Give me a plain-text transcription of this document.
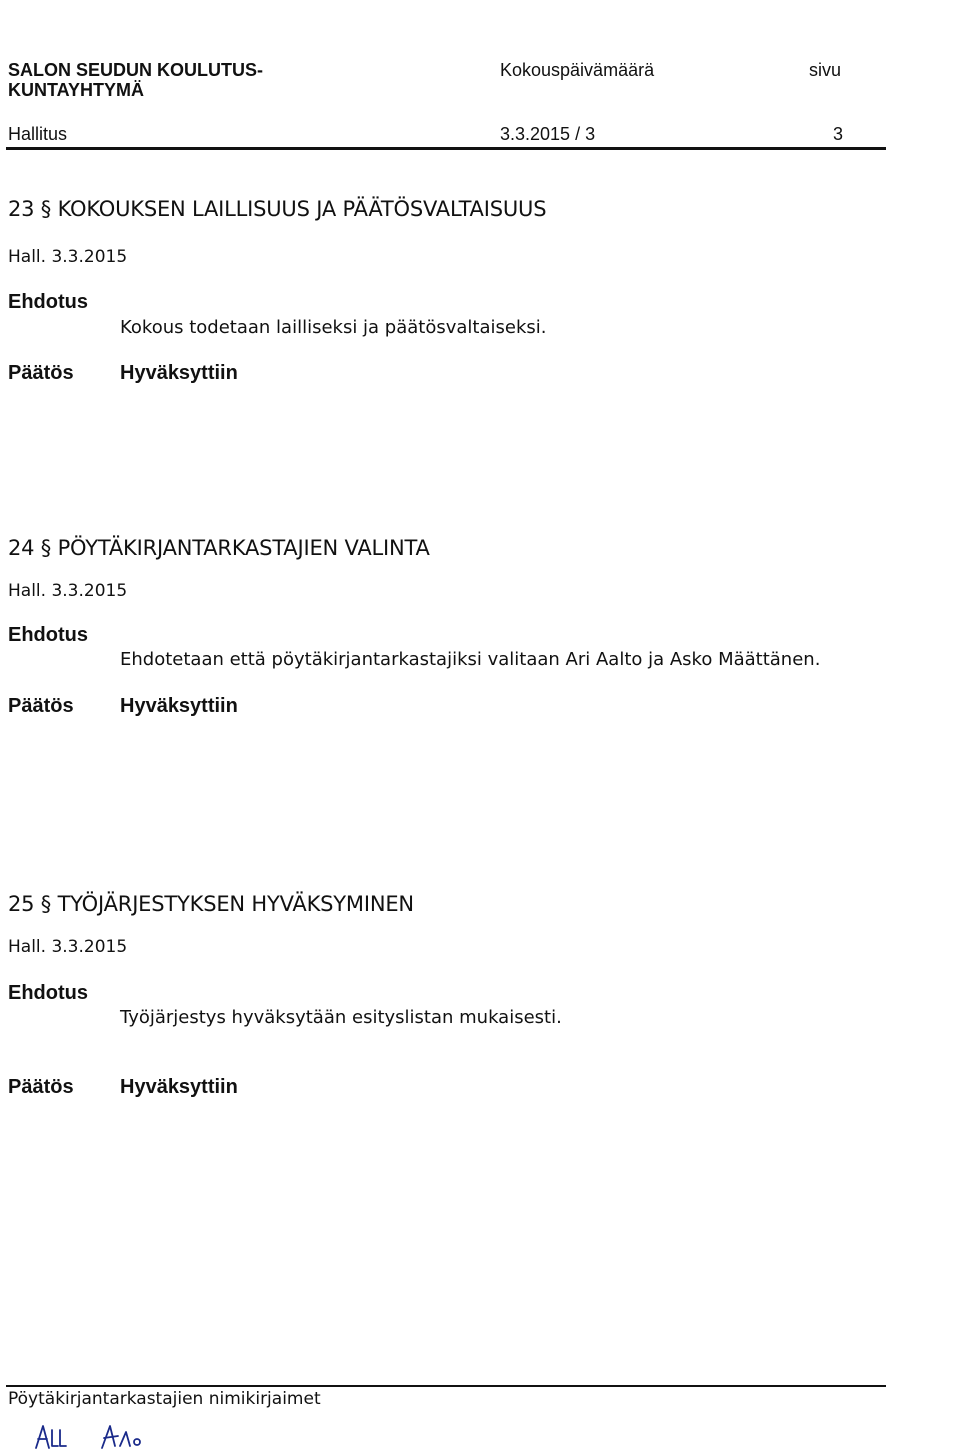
SALON SEUDUN KOULUTUS-
KUNTAYHTYMÄ
Kokouspäivämäärä	sivu
Hallitus	3.3.2015 / 3	3
23 § KOKOUKSEN LAILLISUUS JA PÄÄTÖSVALTAISUUS
Hall. 3.3.2015
Ehdotus
Kokous todetaan lailliseksi ja päätösvaltaiseksi.
Päätös Hyväksyttiin
24 § PÖYTÄKIRJANTARKASTAJIEN VALINTA
Hall. 3.3.2015
Ehdotus
Ehdotetaan että pöytäkirjantarkastajiksi valitaan Ari Aalto ja Asko Määttänen.
Päätös Hyväksyttiin
25 § TYÖJÄRJESTYKSEN HYVÄKSYMINEN
Hall. 3.3.2015
Ehdotus
Työjärjestys hyväksytään esityslistan mukaisesti.
Päätös Hyväksyttiin
Pöytäkirjantarkastajien nimikirjaimet
